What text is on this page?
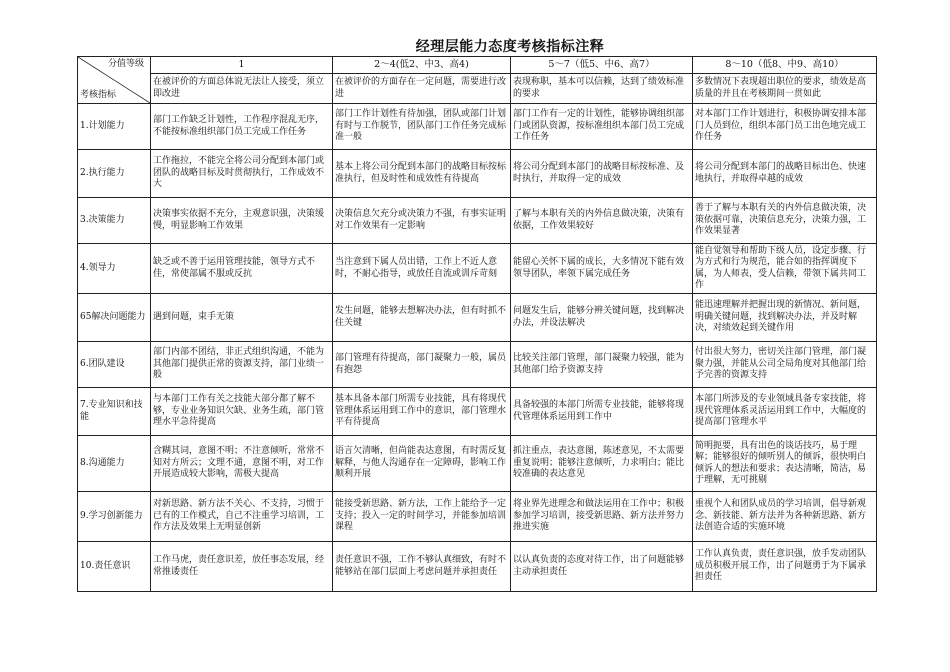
经理层能力态度考核指标注释
分值等级
考核指标	1	2～4(低2、中3、高4)	5～7（低5、中6、高7）	8～10（低8、中9、高10）
	在被评价的方面总体说无法让人接受，须立即改进	在被评价的方面存在一定问题，需要进行改进	表现称职，基本可以信赖，达到了绩效标准的要求	多数情况下表现超出职位的要求，绩效是高质量的并且在考核期间一贯如此
1.计划能力	部门工作缺乏计划性，工作程序混乱无序，不能按标准组织部门员工完成工作任务	部门工作计划性有待加强，团队或部门计划有时与工作脱节，团队部门工作任务完成标准一般	部门工作有一定的计划性，能够协调组织部门或团队资源，按标准组织本部门员工完成工作任务	对本部门工作计划进行，积极协调安排本部门人员到位，组织本部门员工出色地完成工作任务
2.执行能力	工作拖拉，不能完全将公司分配到本部门或团队的战略目标及时贯彻执行，工作成效不大	基本上将公司分配到本部门的战略目标按标准执行，但及时性和成效性有待提高	将公司分配到本部门的战略目标按标准、及时执行，并取得一定的成效	将公司分配到本部门的战略目标出色、快速地执行，并取得卓越的成效
3.决策能力	决策事实依据不充分，主观意识强，决策缓慢，明显影响工作效果	决策信息欠充分或决策力不强，有事实证明对工作效果有一定影响	了解与本职有关的内外信息做决策，决策有依据，工作效果较好	善于了解与本职有关的内外信息做决策，决策依据可靠，决策信息充分，决策力强，工作效果显著
4.领导力	缺乏或不善于运用管理技能，领导方式不佳，常使部属不服或反抗	当注意到下属人员出错，工作上不近人意时，不耐心指导，或放任自流或训斥苛刻	能留心关怀下属的成长，大多情况下能有效领导团队，率领下属完成任务	能自觉领导和帮助下级人员，设定步骤、行为方式和行为规范，能合如的指挥调度下属，为人师表，受人信赖，带领下属共同工作
65解决问题能力	遇到问题，束手无策	发生问题，能够去想解决办法，但有时抓不住关键	问题发生后，能够分辨关键问题，找到解决办法，并设法解决	能迅速理解并把握出现的新情况、新问题，明确关键问题，找到解决办法，并及时解决，对绩效起到关键作用
6.团队建设	部门内部不团结，非正式组织沟通，不能为其他部门提供正常的资源支持，部门业绩一般	部门管理有待提高，部门凝聚力一般，属员有抱怨	比较关注部门管理，部门凝聚力较强，能为其他部门给予资源支持	付出很大努力，密切关注部门管理，部门凝聚力强，并能从公司全局角度对其他部门给予完善的资源支持
7.专业知识和技能	与本部门工作有关之技能大部分都了解不够，专业业务知识欠缺、业务生疏，部门管理水平急待提高	基本具备本部门所需专业技能，具有将现代管理体系运用到工作中的意识，部门管理水平有待提高	具备较强的本部门所需专业技能，能够将现代管理体系运用到工作中	本部门所涉及的专业领域具备专家技能，将现代管理体系灵活运用到工作中，大幅度的提高部门管理水平
8.沟通能力	含糊其词，意图不明；不注意倾听，常常不知对方所云；文理不通，意图不明，对工作开展造成较大影响，需极大提高	语言欠清晰，但尚能表达意图，有时需反复解释，与他人沟通存在一定障碍，影响工作顺利开展	抓注重点，表达意图，陈述意见，不太需要重复说明；能够注意倾听，力求明白；能比较准确的表达意见	简明扼要，具有出色的谈话技巧，易于理解；能够很好的倾听别人的倾诉，很快明白倾诉人的想法和要求；表达清晰，简洁，易于理解，无可挑剔
9.学习创新能力	对新思路、新方法不关心、不支持，习惯于已有的工作模式，自己不注重学习培训，工作方法及效果上无明显创新	能接受新思路、新方法，工作上能给予一定支持；投入一定的时间学习，并能参加培训课程	将业界先进理念和做法运用在工作中；积极参加学习培训，接受新思路、新方法并努力推进实施	重视个人和团队成员的学习培训，倡导新观念、新技能、新方法并为各种新思路、新方法创造合适的实施环境
10.责任意识	工作马虎，责任意识差，放任事态发展，经常推诿责任	责任意识不强，工作不够认真细致，有时不能够站在部门层面上考虑问题并承担责任	以认真负责的态度对待工作，出了问题能够主动承担责任	工作认真负责，责任意识强，放手发动团队成员积极开展工作，出了问题勇于为下属承担责任
